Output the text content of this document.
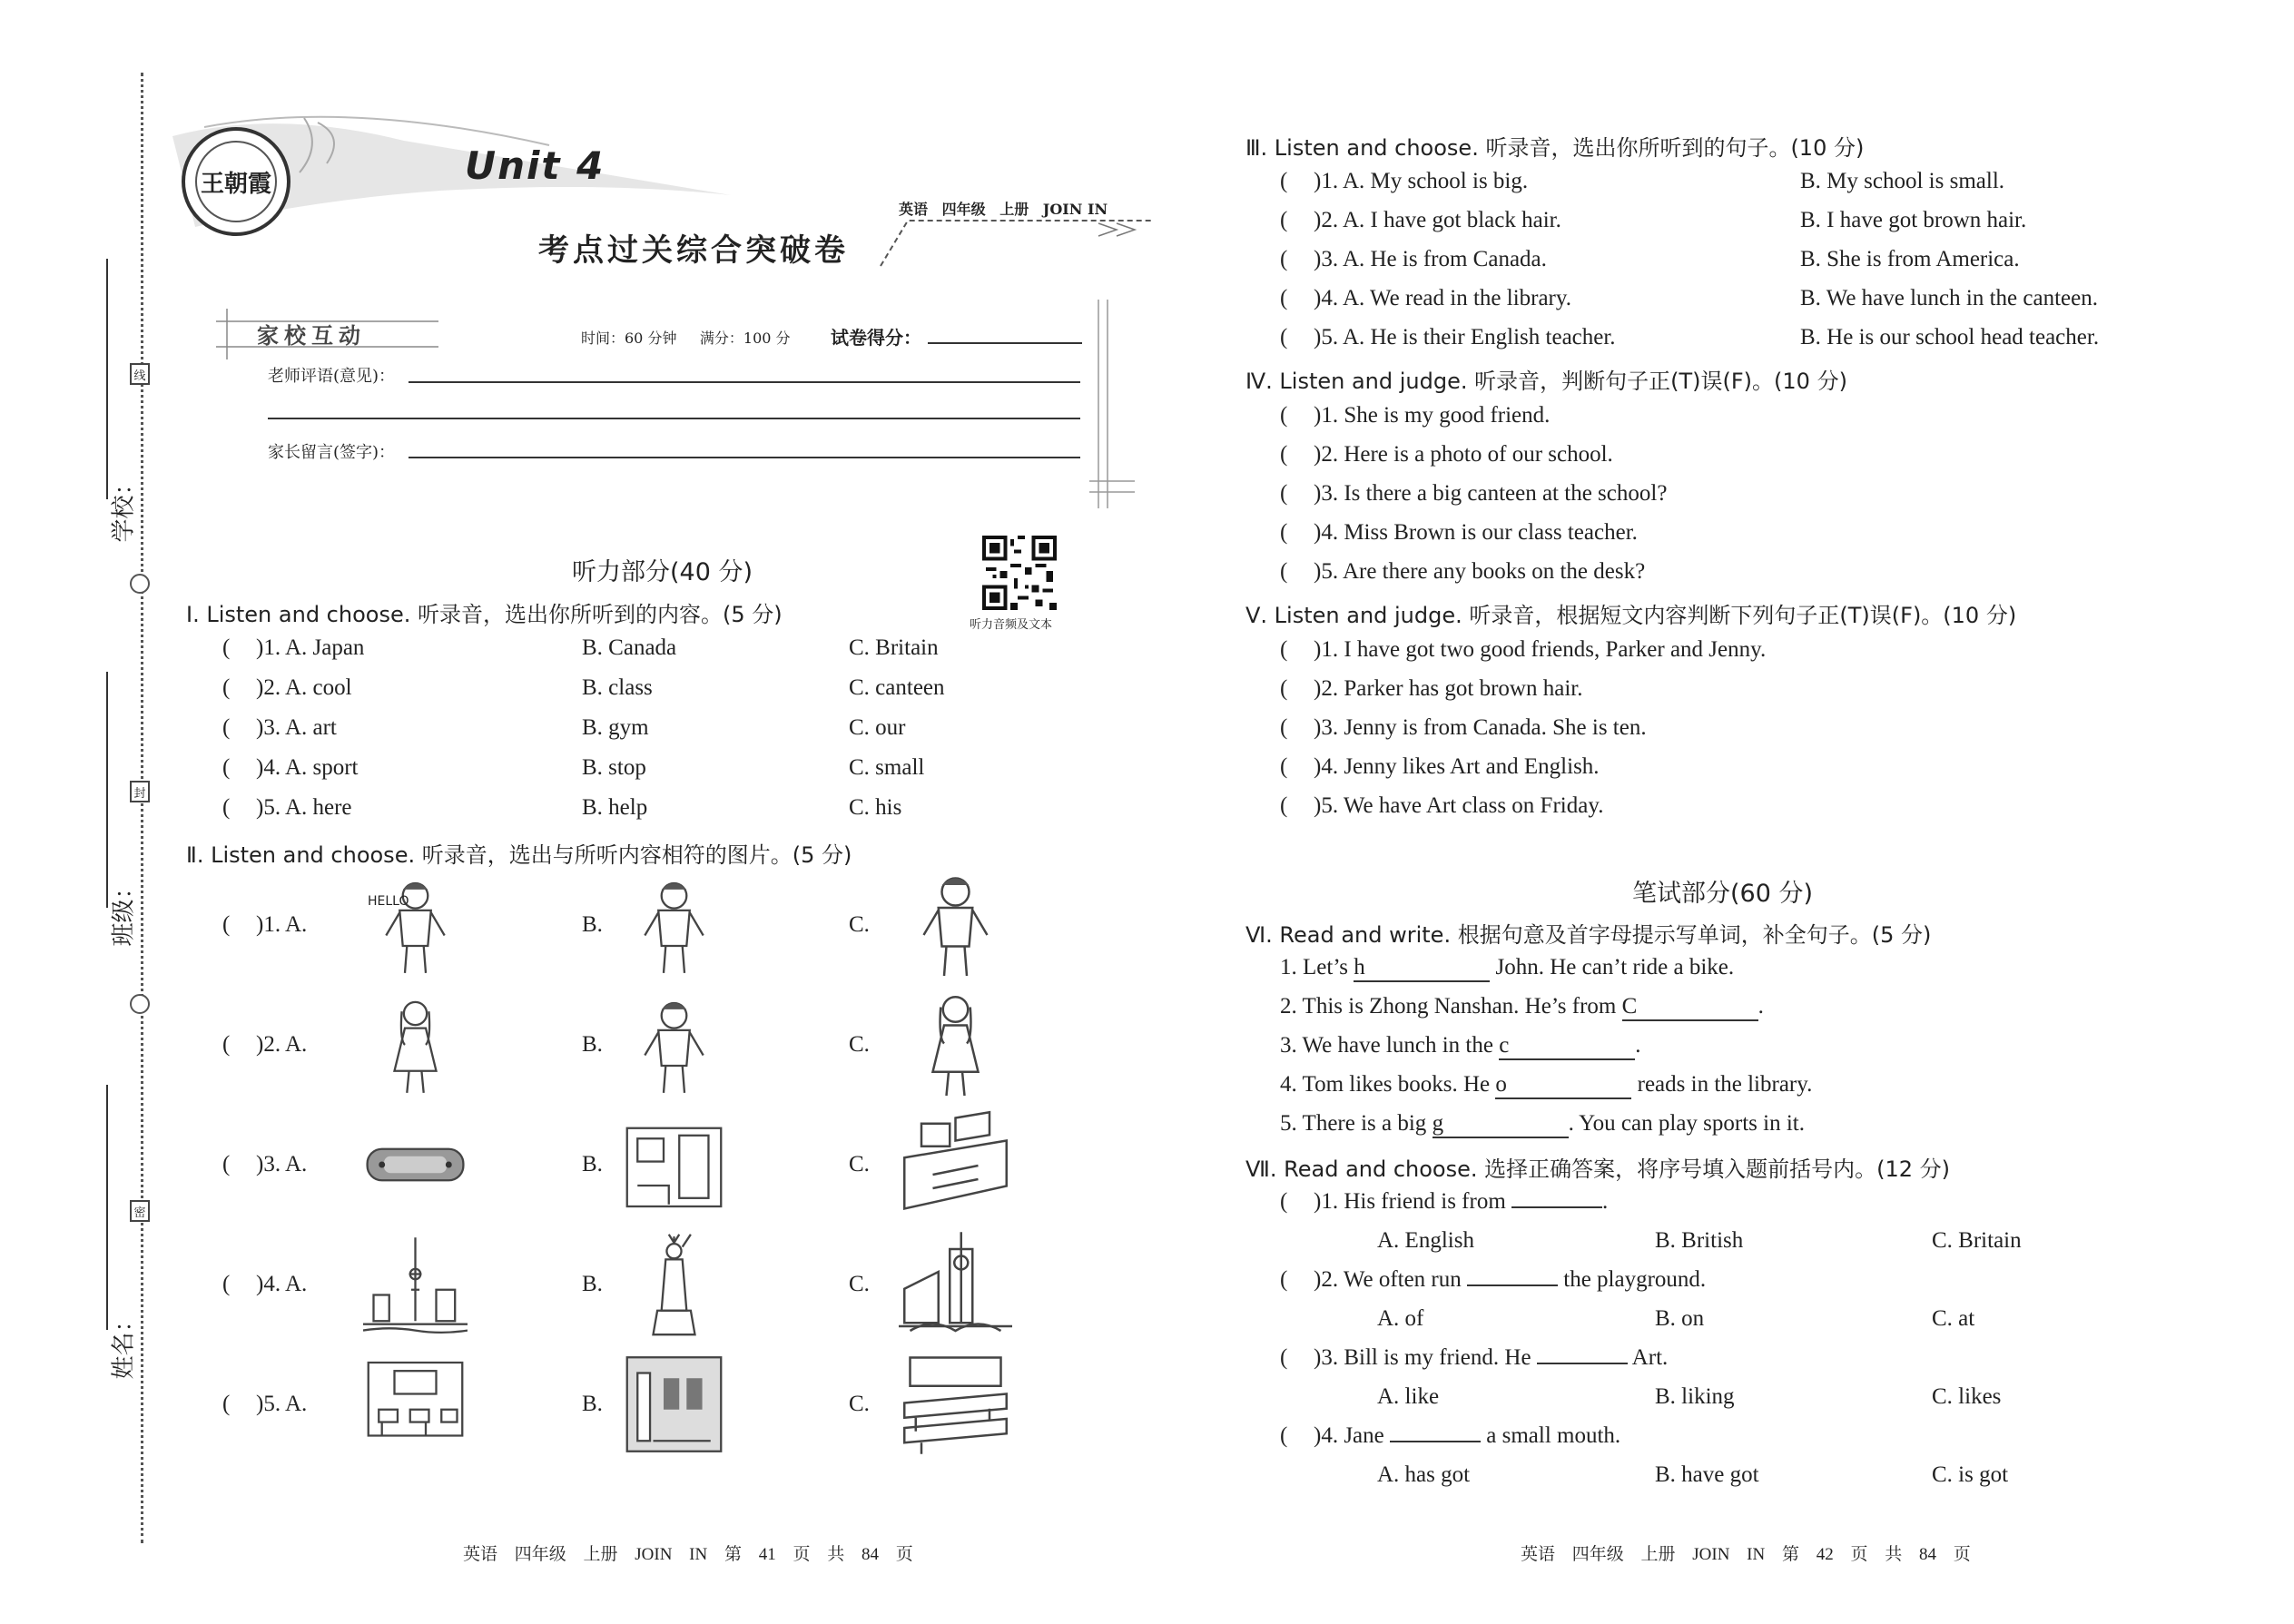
学校：
班级：
姓名：
线
封
密
王朝霞	Unit 4
考点过关综合突破卷
英语 四年级 上册 JOIN IN
家校互动	时间：60 分钟 满分：100 分 试卷得分：
老师评语(意见)：
家长留言(签字)：
听力音频及文本
听力部分(40 分)
Ⅰ. Listen and choose. 听录音，选出你所听到的内容。(5 分)
( )1. A. Japan	B. Canada	C. Britain
( )2. A. cool	B. class	C. canteen
( )3. A. art	B. gym	C. our
( )4. A. sport	B. stop	C. small
( )5. A. here	B. help	C. his
Ⅱ. Listen and choose. 听录音，选出与所听内容相符的图片。(5 分)
( )1. A.	B.	C.
( )2. A.	B.	C.
( )3. A.	B.	C.
( )4. A.	B.	C.
( )5. A.	B.	C.
HELLO
Ⅲ. Listen and choose. 听录音，选出你所听到的句子。(10 分)
( )1. A. My school is big.	B. My school is small.
( )2. A. I have got black hair.	B. I have got brown hair.
( )3. A. He is from Canada.	B. She is from America.
( )4. A. We read in the library.	B. We have lunch in the canteen.
( )5. A. He is their English teacher.	B. He is our school head teacher.
Ⅳ. Listen and judge. 听录音，判断句子正(T)误(F)。(10 分)
( )1. She is my good friend.
( )2. Here is a photo of our school.
( )3. Is there a big canteen at the school?
( )4. Miss Brown is our class teacher.
( )5. Are there any books on the desk?
Ⅴ. Listen and judge. 听录音，根据短文内容判断下列句子正(T)误(F)。(10 分)
( )1. I have got two good friends, Parker and Jenny.
( )2. Parker has got brown hair.
( )3. Jenny is from Canada. She is ten.
( )4. Jenny likes Art and English.
( )5. We have Art class on Friday.
笔试部分(60 分)
Ⅵ. Read and write. 根据句意及首字母提示写单词，补全句子。(5 分)
1. Let’s h	John. He can’t ride a bike.
2. This is Zhong Nanshan. He’s from C	.
3. We have lunch in the c	.
4. Tom likes books. He o	reads in the library.
5. There is a big g	. You can play sports in it.
Ⅶ. Read and choose. 选择正确答案，将序号填入题前括号内。(12 分)
( )1. His friend is from	.
A. English	B. British	C. Britain
( )2. We often run	the playground.
A. of	B. on	C. at
( )3. Bill is my friend. He	Art.
A. like	B. liking	C. likes
( )4. Jane	a small mouth.
A. has got	B. have got	C. is got
英语 四年级 上册 JOIN IN 第 41 页 共 84 页	英语 四年级 上册 JOIN IN 第 42 页 共 84 页
